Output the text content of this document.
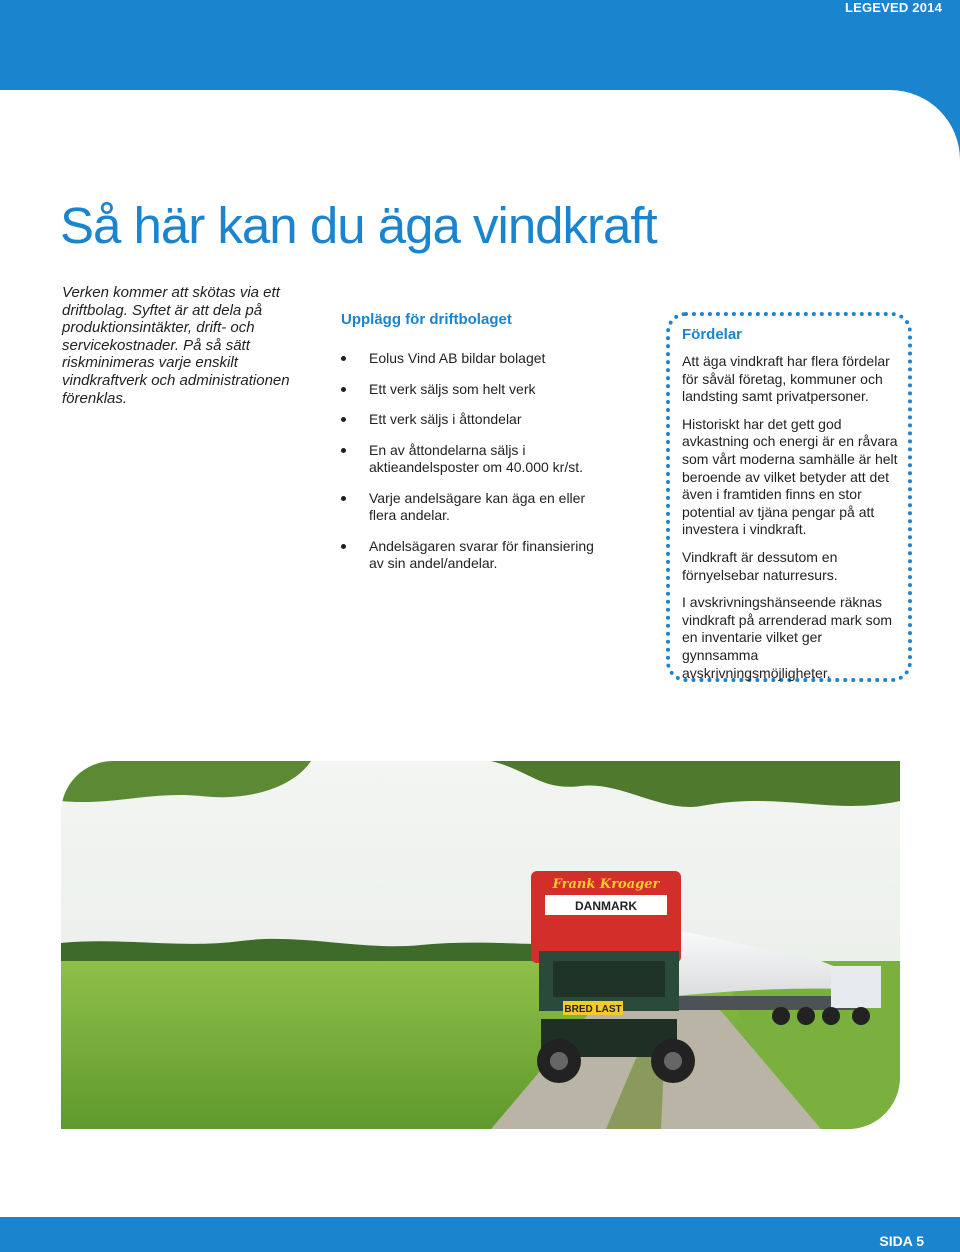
LEGEVED 2014
Så här kan du äga vindkraft

Verken kommer att skötas via ett driftbolag. Syftet är att dela på produktionsintäkter, drift- och servicekostnader. På så sätt riskminimeras varje enskilt vindkraftverk och administrationen förenklas.

Upplägg för driftbolaget
Eolus Vind AB bildar bolaget
Ett verk säljs som helt verk
Ett verk säljs i åttondelar
En av åttondelarna säljs i aktieandelsposter om 40.000 kr/st.
Varje andelsägare kan äga en eller flera andelar.
Andelsägaren svarar för finansiering av sin andel/andelar.
Fördelar

Att äga vindkraft har flera fördelar för såväl företag, kommuner och landsting samt privatpersoner.

Historiskt har det gett god avkastning och energi är en råvara som vårt moderna samhälle är helt beroende av vilket betyder att det även i framtiden finns en stor potential av tjäna pengar på att investera i vindkraft.

Vindkraft är dessutom en förnyelsebar naturresurs.

I avskrivningshänseende räknas vindkraft på arrenderad mark som en inventarie vilket ger gynnsamma avskrivningsmöjligheter.

Frank Kroager
DANMARK
BRED LAST
SIDA 5
